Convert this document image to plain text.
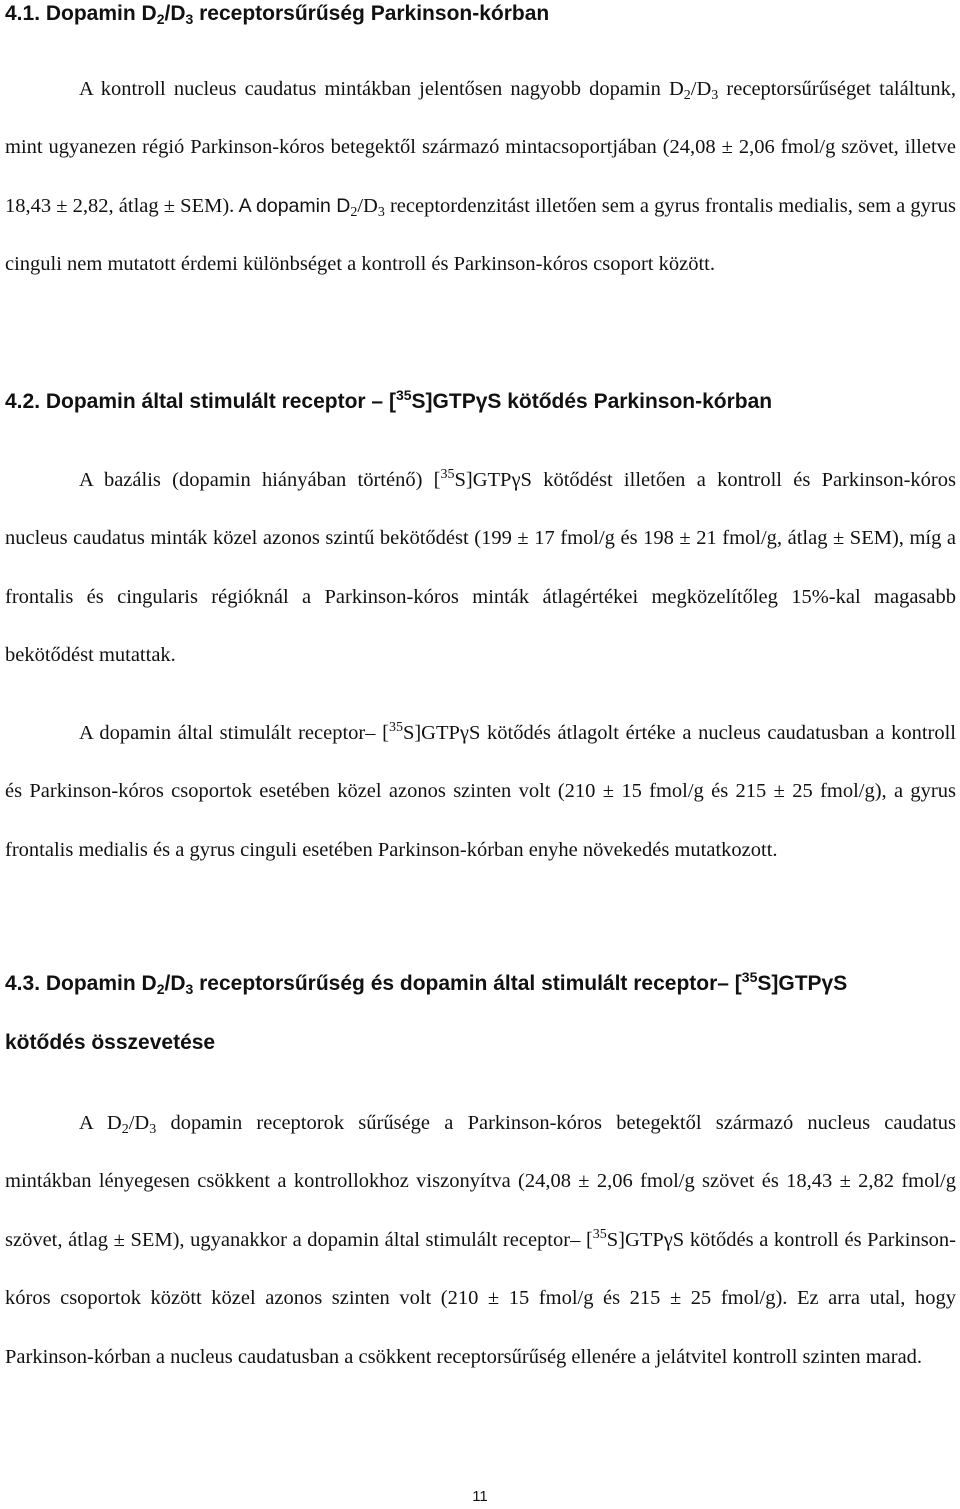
4.1. Dopamin $D_2/D_3$ receptorsűrűség Parkinson-kórban

A kontroll nucleus caudatus mintákban jelentősen nagyobb dopamin $D_2/D_3$ receptorsűrűséget találtunk, mint ugyanezen régió Parkinson-kóros betegektől származó mintacsoportjában (24,08 ± 2,06 fmol/g szövet, illetve 18,43 ± 2,82, átlag ± SEM). A dopamin $D_2/D_3$ receptordenzitást illetően sem a gyrus frontalis medialis, sem a gyrus cinguli nem mutatott érdemi különbséget a kontroll és Parkinson-kóros csoport között.

4.2. Dopamin által stimulált receptor – [$^{35}$S]GTPγS kötődés Parkinson-kórban

A bazális (dopamin hiányában történő) [$^{35}$S]GTPγS kötődést illetően a kontroll és Parkinson-kóros nucleus caudatus minták közel azonos szintű bekötődést (199 ± 17 fmol/g és 198 ± 21 fmol/g, átlag ± SEM), míg a frontalis és cingularis régióknál a Parkinson-kóros minták átlagértékei megközelítőleg 15%-kal magasabb bekötődést mutattak.

A dopamin által stimulált receptor– [$^{35}$S]GTPγS kötődés átlagolt értéke a nucleus caudatusban a kontroll és Parkinson-kóros csoportok esetében közel azonos szinten volt (210 ± 15 fmol/g és 215 ± 25 fmol/g), a gyrus frontalis medialis és a gyrus cinguli esetében Parkinson-kórban enyhe növekedés mutatkozott.

4.3. Dopamin $D_2/D_3$ receptorsűrűség és dopamin által stimulált receptor– [$^{35}$S]GTPγS
kötődés összevetése

A $D_2/D_3$ dopamin receptorok sűrűsége a Parkinson-kóros betegektől származó nucleus caudatus mintákban lényegesen csökkent a kontrollokhoz viszonyítva (24,08 ± 2,06 fmol/g szövet és 18,43 ± 2,82 fmol/g szövet, átlag ± SEM), ugyanakkor a dopamin által stimulált receptor– [$^{35}$S]GTPγS kötődés a kontroll és Parkinson-kóros csoportok között közel azonos szinten volt (210 ± 15 fmol/g és 215 ± 25 fmol/g). Ez arra utal, hogy Parkinson-kórban a nucleus caudatusban a csökkent receptorsűrűség ellenére a jelátvitel kontroll szinten marad.

11
